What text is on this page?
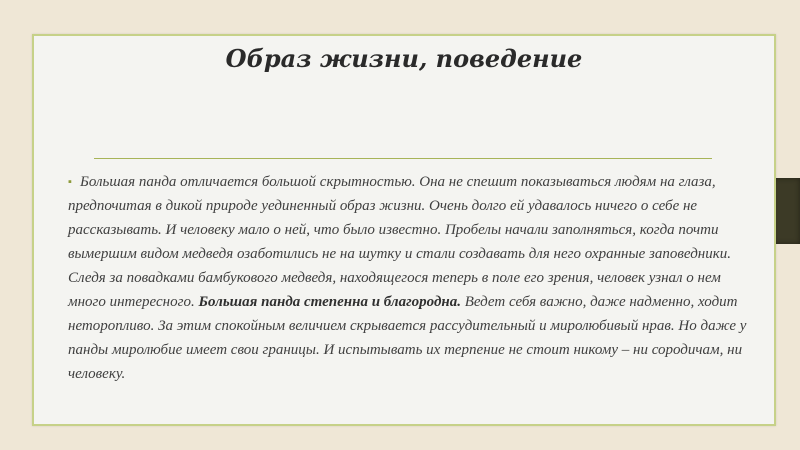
Образ жизни, поведение

▪ Большая панда отличается большой скрытностью. Она не спешит показываться людям на глаза, предпочитая в дикой природе уединенный образ жизни. Очень долго ей удавалось ничего о себе не рассказывать. И человеку мало о ней, что было известно. Пробелы начали заполняться, когда почти вымершим видом медведя озаботились не на шутку и стали создавать для него охранные заповедники. Следя за повадками бамбукового медведя, находящегося теперь в поле его зрения, человек узнал о нем много интересного. Большая панда степенна и благородна. Ведет себя важно, даже надменно, ходит неторопливо. За этим спокойным величием скрывается рассудительный и миролюбивый нрав. Но даже у панды миролюбие имеет свои границы. И испытывать их терпение не стоит никому – ни сородичам, ни человеку.
